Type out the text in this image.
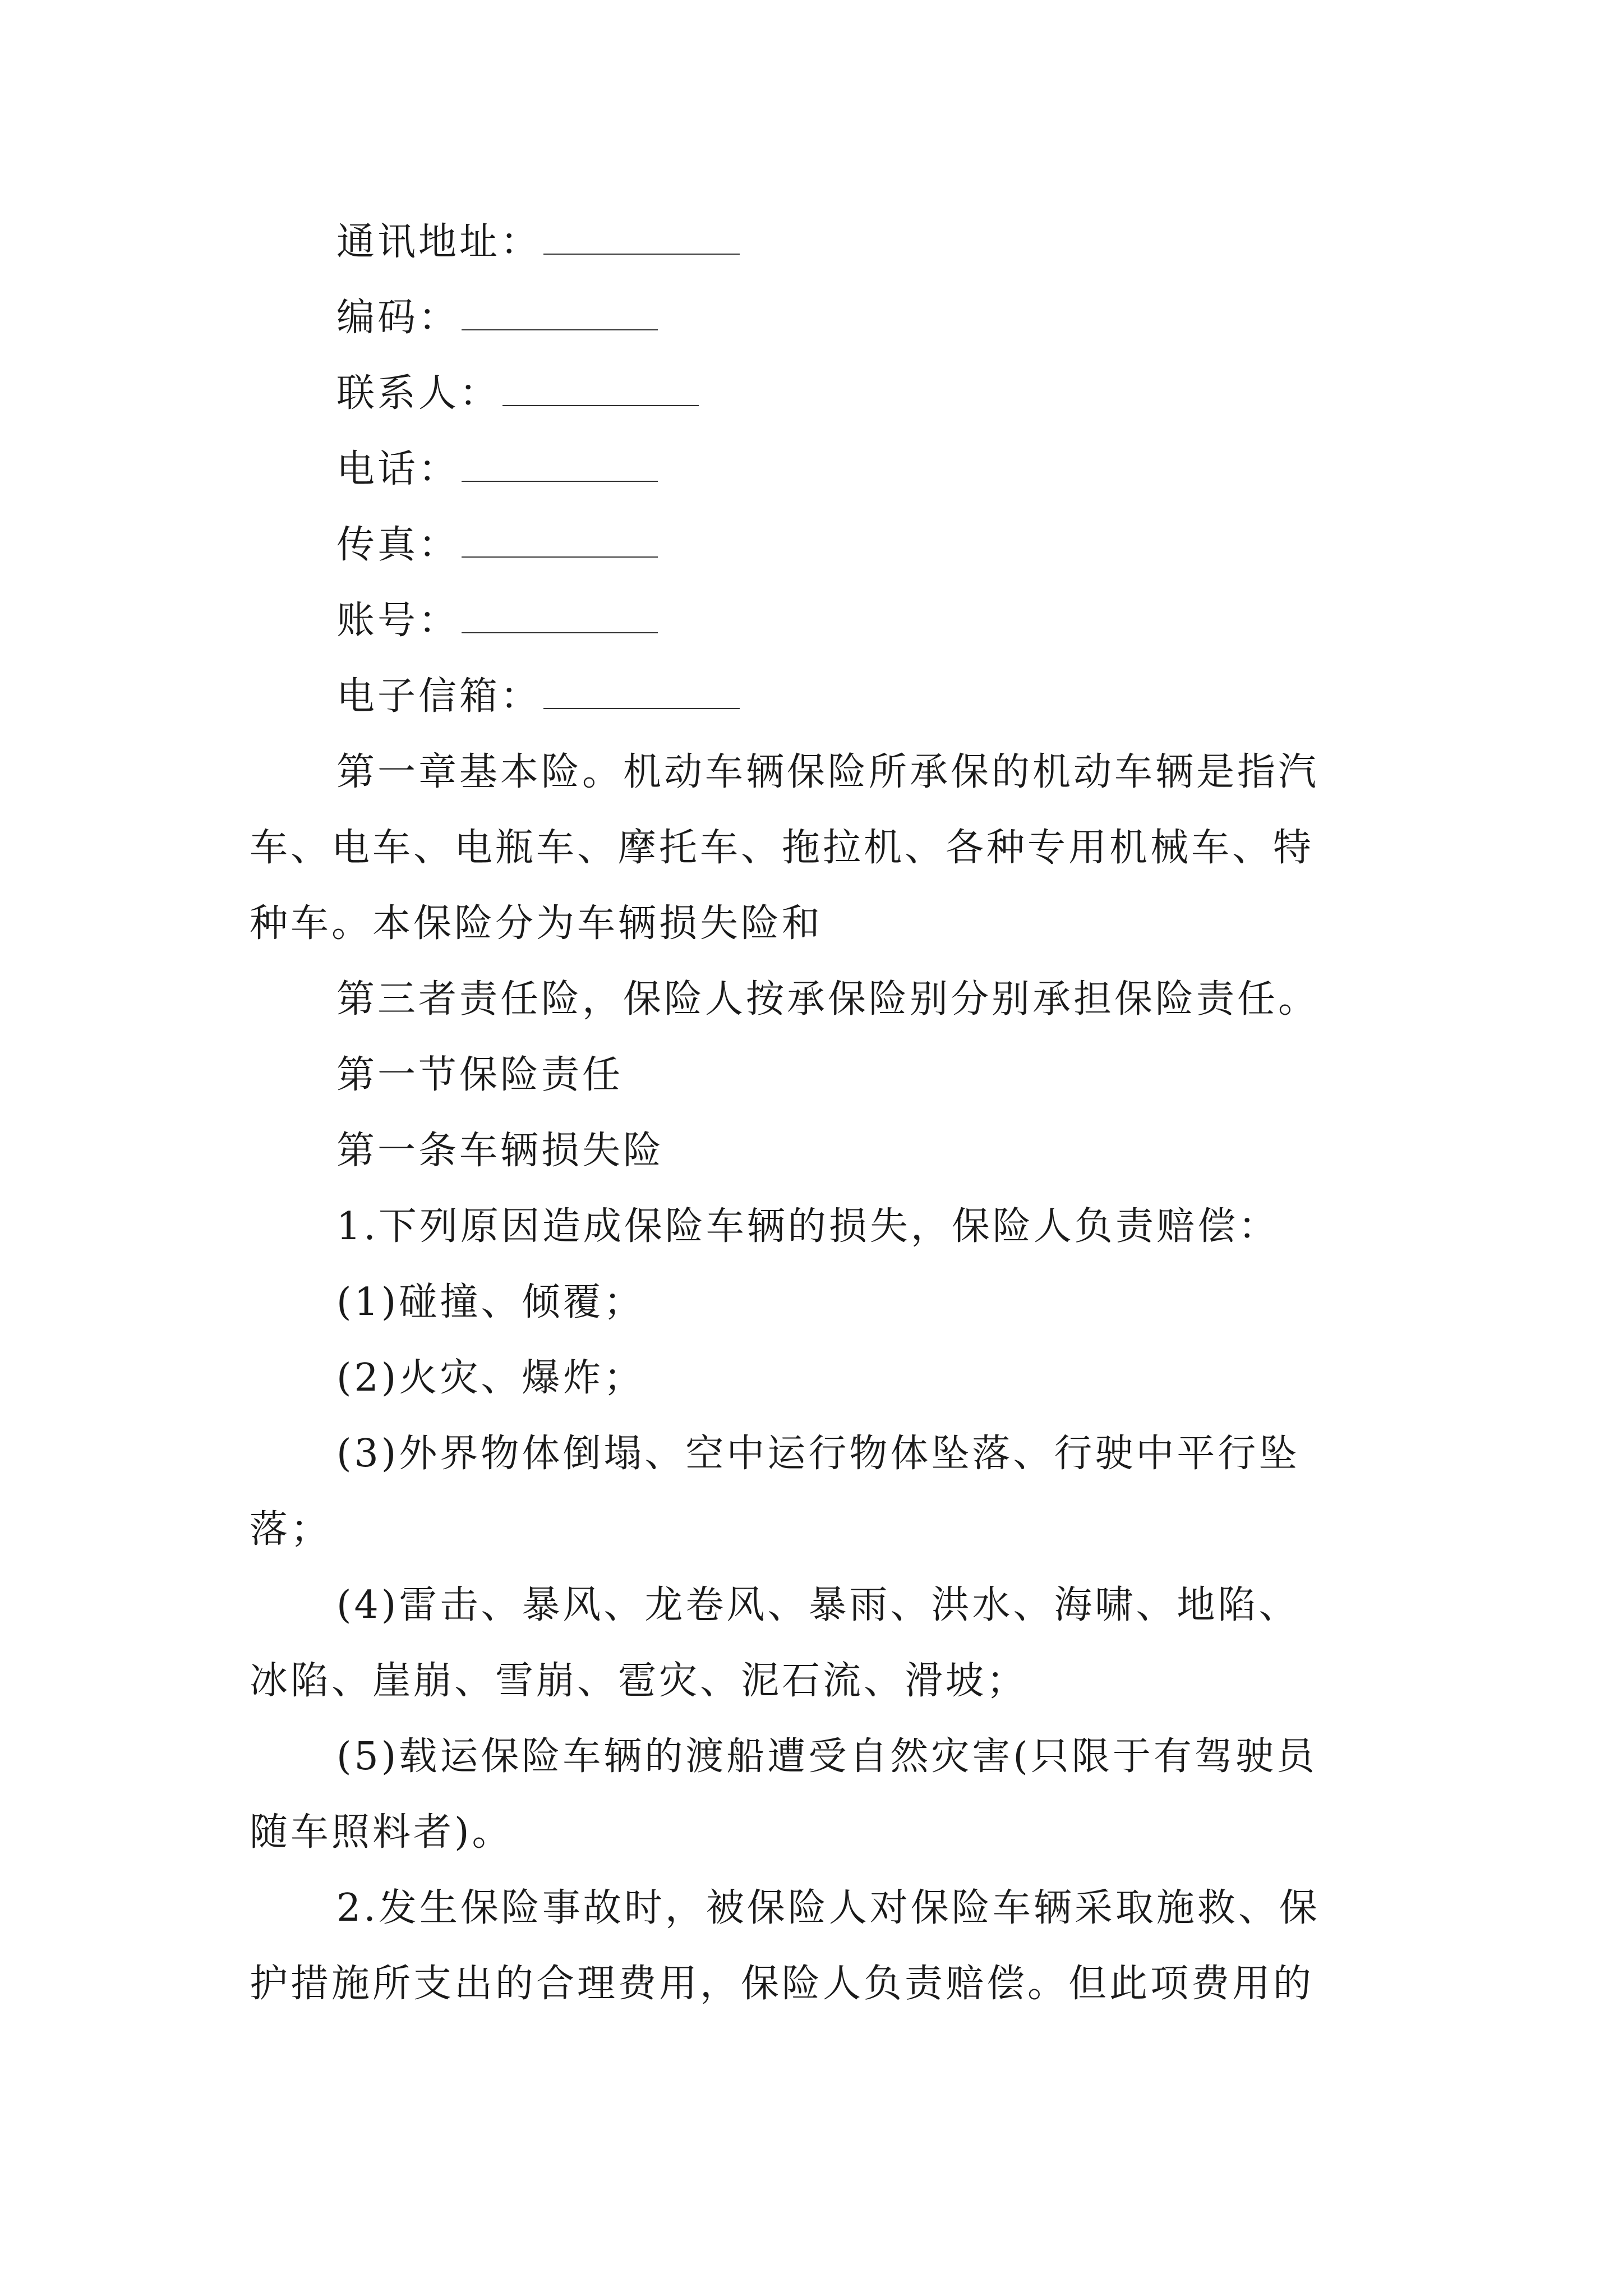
通讯地址：
编码：
联系人：
电话：
传真：
账号：
电子信箱：
第一章基本险。机动车辆保险所承保的机动车辆是指汽
车、电车、电瓶车、摩托车、拖拉机、各种专用机械车、特
种车。本保险分为车辆损失险和
第三者责任险，保险人按承保险别分别承担保险责任。
第一节保险责任
第一条车辆损失险
1.下列原因造成保险车辆的损失，保险人负责赔偿：
(1)碰撞、倾覆；
(2)火灾、爆炸；
(3)外界物体倒塌、空中运行物体坠落、行驶中平行坠
落；
(4)雷击、暴风、龙卷风、暴雨、洪水、海啸、地陷、
冰陷、崖崩、雪崩、雹灾、泥石流、滑坡；
(5)载运保险车辆的渡船遭受自然灾害(只限于有驾驶员
随车照料者)。
2.发生保险事故时，被保险人对保险车辆采取施救、保
护措施所支出的合理费用，保险人负责赔偿。但此项费用的
